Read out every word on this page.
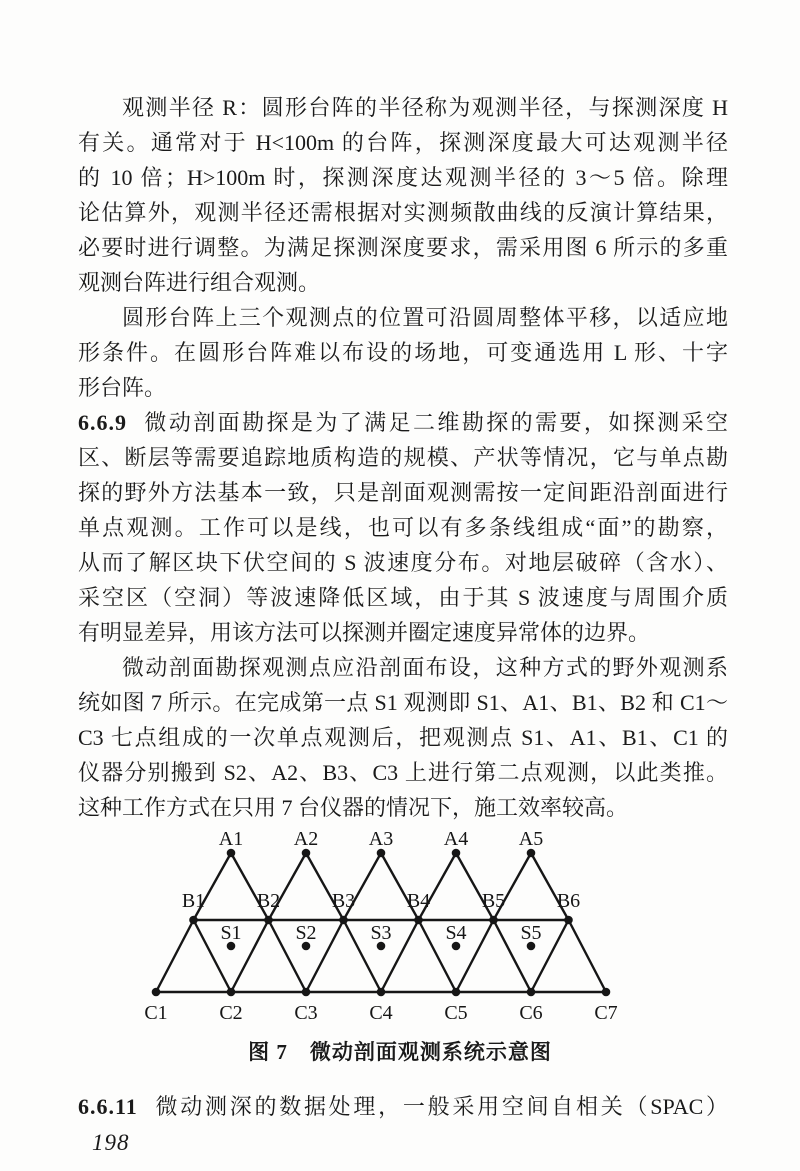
观测半径 R：圆形台阵的半径称为观测半径，与探测深度 H
有关。通常对于 H<100m 的台阵，探测深度最大可达观测半径
的 10 倍；H>100m 时，探测深度达观测半径的 3～5 倍。除理
论估算外，观测半径还需根据对实测频散曲线的反演计算结果，
必要时进行调整。为满足探测深度要求，需采用图 6 所示的多重
观测台阵进行组合观测。
圆形台阵上三个观测点的位置可沿圆周整体平移，以适应地
形条件。在圆形台阵难以布设的场地，可变通选用 L 形、十字
形台阵。
6.6.9 微动剖面勘探是为了满足二维勘探的需要，如探测采空
区、断层等需要追踪地质构造的规模、产状等情况，它与单点勘
探的野外方法基本一致，只是剖面观测需按一定间距沿剖面进行
单点观测。工作可以是线，也可以有多条线组成“面”的勘察，
从而了解区块下伏空间的 S 波速度分布。对地层破碎（含水）、
采空区（空洞）等波速降低区域，由于其 S 波速度与周围介质
有明显差异，用该方法可以探测并圈定速度异常体的边界。
微动剖面勘探观测点应沿剖面布设，这种方式的野外观测系
统如图 7 所示。在完成第一点 S1 观测即 S1、A1、B1、B2 和 C1～
C3 七点组成的一次单点观测后，把观测点 S1、A1、B1、C1 的
仪器分别搬到 S2、A2、B3、C3 上进行第二点观测，以此类推。
这种工作方式在只用 7 台仪器的情况下，施工效率较高。
A1	A2	A3	A4	A5
B1	B2	B3	B4	B5	B6
C1	C2	C3	C4	C5	C6	C7
S1	S2	S3	S4	S5
图 7　微动剖面观测系统示意图
6.6.11 微动测深的数据处理，一般采用空间自相关（SPAC）
198
